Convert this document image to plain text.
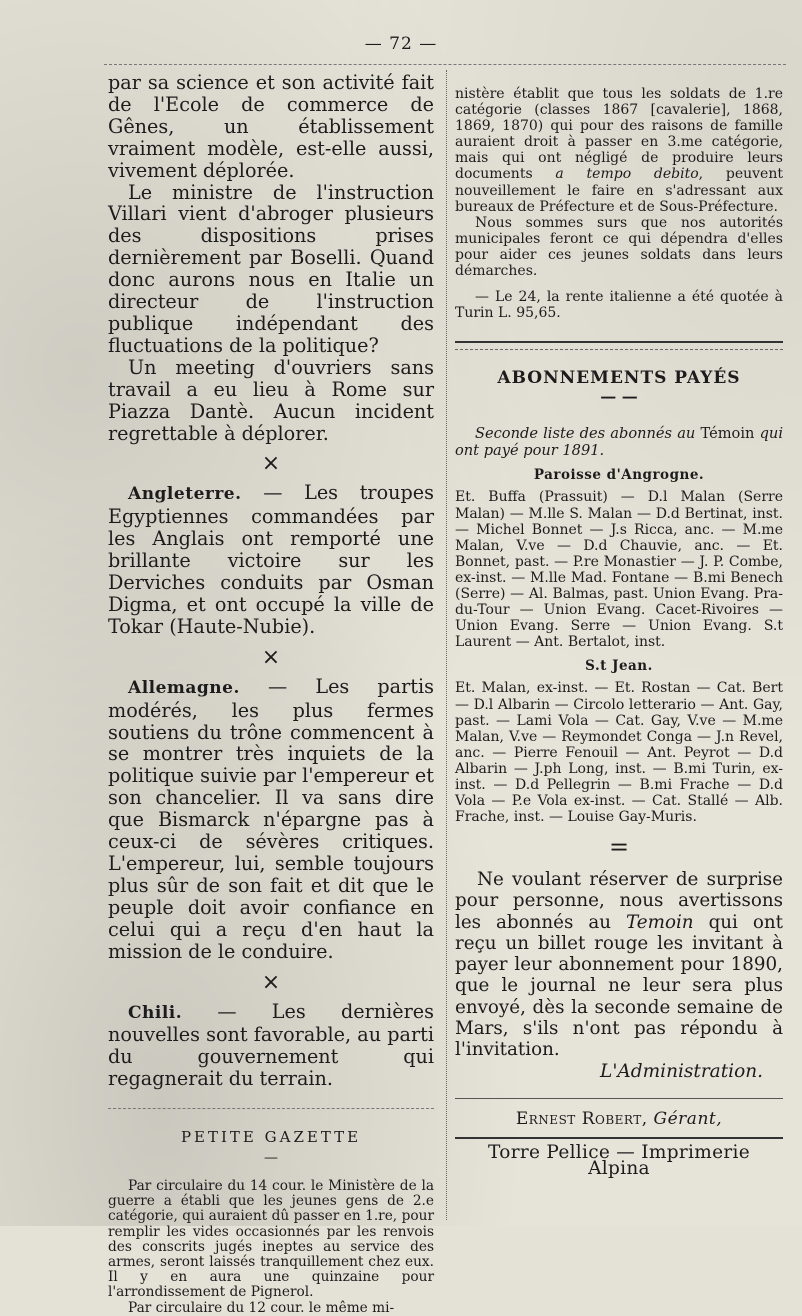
— 72 —

par sa science et son activité fait de l'Ecole de commerce de Gênes, un établissement vraiment modèle, est-elle aussi, vivement déplorée.

Le ministre de l'instruction Villari vient d'abroger plusieurs des dispositions prises dernièrement par Boselli. Quand donc aurons nous en Italie un directeur de l'instruction publique indépendant des fluctuations de la politique?

Un meeting d'ouvriers sans travail a eu lieu à Rome sur Piazza Dantè. Aucun incident regrettable à déplorer.

×

Angleterre. — Les troupes Egyptiennes commandées par les Anglais ont remporté une brillante victoire sur les Derviches conduits par Osman Digma, et ont occupé la ville de Tokar (Haute-Nubie).

×

Allemagne. — Les partis modérés, les plus fermes soutiens du trône commencent à se montrer très inquiets de la politique suivie par l'empereur et son chancelier. Il va sans dire que Bismarck n'épargne pas à ceux-ci de sévères critiques. L'empereur, lui, semble toujours plus sûr de son fait et dit que le peuple doit avoir confiance en celui qui a reçu d'en haut la mission de le conduire.

×

Chili. — Les dernières nouvelles sont favorable, au parti du gouvernement qui regagnerait du terrain.

PETITE GAZETTE
—

Par circulaire du 14 cour. le Ministère de la guerre a établi que les jeunes gens de 2.e catégorie, qui auraient dû passer en 1.re, pour remplir les vides occasionnés par les renvois des conscrits jugés ineptes au service des armes, seront laissés tranquillement chez eux. Il y en aura une quinzaine pour l'arrondissement de Pignerol.

Par circulaire du 12 cour. le même mi-

nistère établit que tous les soldats de 1.re catégorie (classes 1867 [cavalerie], 1868, 1869, 1870) qui pour des raisons de famille auraient droit à passer en 3.me catégorie, mais qui ont négligé de produire leurs documents a tempo debito, peuvent nouveillement le faire en s'adressant aux bureaux de Préfecture et de Sous-Préfecture.

Nous sommes surs que nos autorités municipales feront ce qui dépendra d'elles pour aider ces jeunes soldats dans leurs démarches.

— Le 24, la rente italienne a été quotée à Turin L. 95,65.

ABONNEMENTS PAYÉS
— —

Seconde liste des abonnés au Témoin qui ont payé pour 1891.

Paroisse d'Angrogne.

Et. Buffa (Prassuit) — D.l Malan (Serre Malan) — M.lle S. Malan — D.d Bertinat, inst. — Michel Bonnet — J.s Ricca, anc. — M.me Malan, V.ve — D.d Chauvie, anc. — Et. Bonnet, past. — P.re Monastier — J. P. Combe, ex-inst. — M.lle Mad. Fontane — B.mi Benech (Serre) — Al. Balmas, past. Union Evang. Pra-du-Tour — Union Evang. Cacet-Rivoires — Union Evang. Serre — Union Evang. S.t Laurent — Ant. Bertalot, inst.

S.t Jean.

Et. Malan, ex-inst. — Et. Rostan — Cat. Bert — D.l Albarin — Circolo letterario — Ant. Gay, past. — Lami Vola — Cat. Gay, V.ve — M.me Malan, V.ve — Reymondet Conga — J.n Revel, anc. — Pierre Fenouil — Ant. Peyrot — D.d Albarin — J.ph Long, inst. — B.mi Turin, ex-inst. — D.d Pellegrin — B.mi Frache — D.d Vola — P.e Vola ex-inst. — Cat. Stallé — Alb. Frache, inst. — Louise Gay-Muris.

=

Ne voulant réserver de surprise pour personne, nous avertissons les abonnés au Temoin qui ont reçu un billet rouge les invitant à payer leur abonnement pour 1890, que le journal ne leur sera plus envoyé, dès la seconde semaine de Mars, s'ils n'ont pas répondu à l'invitation.

L'Administration.
Ernest Robert, Gérant,
Torre Pellice — Imprimerie Alpina
